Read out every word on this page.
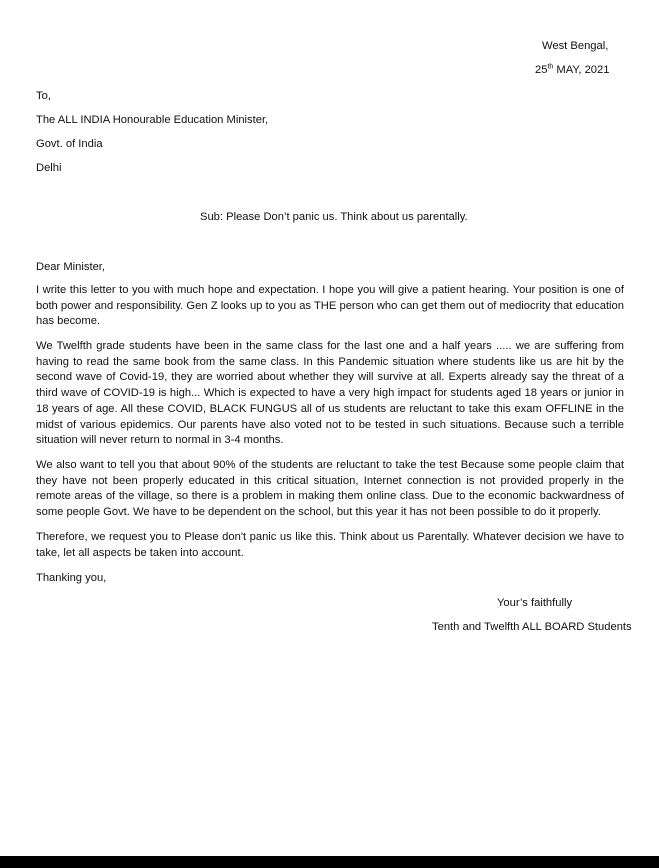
West Bengal,
25th MAY, 2021
To,
The ALL INDIA Honourable Education Minister,
Govt. of India
Delhi
Sub: Please Don’t panic us. Think about us parentally.
Dear Minister,
I write this letter to you with much hope and expectation. I hope you will give a patient hearing. Your position is one of both power and responsibility. Gen Z looks up to you as THE person who can get them out of mediocrity that education has become.
We Twelfth grade students have been in the same class for the last one and a half years ..... we are suffering from having to read the same book from the same class. In this Pandemic situation where students like us are hit by the second wave of Covid-19, they are worried about whether they will survive at all. Experts already say the threat of a third wave of COVID-19 is high... Which is expected to have a very high impact for students aged 18 years or junior in 18 years of age. All these COVID, BLACK FUNGUS all of us students are reluctant to take this exam OFFLINE in the midst of various epidemics. Our parents have also voted not to be tested in such situations. Because such a terrible situation will never return to normal in 3-4 months.
We also want to tell you that about 90% of the students are reluctant to take the test Because some people claim that they have not been properly educated in this critical situation, Internet connection is not provided properly in the remote areas of the village, so there is a problem in making them online class. Due to the economic backwardness of some people Govt. We have to be dependent on the school, but this year it has not been possible to do it properly.
Therefore, we request you to Please don't panic us like this. Think about us Parentally. Whatever decision we have to take, let all aspects be taken into account.
Thanking you,
Your’s faithfully
Tenth and Twelfth ALL BOARD Students
